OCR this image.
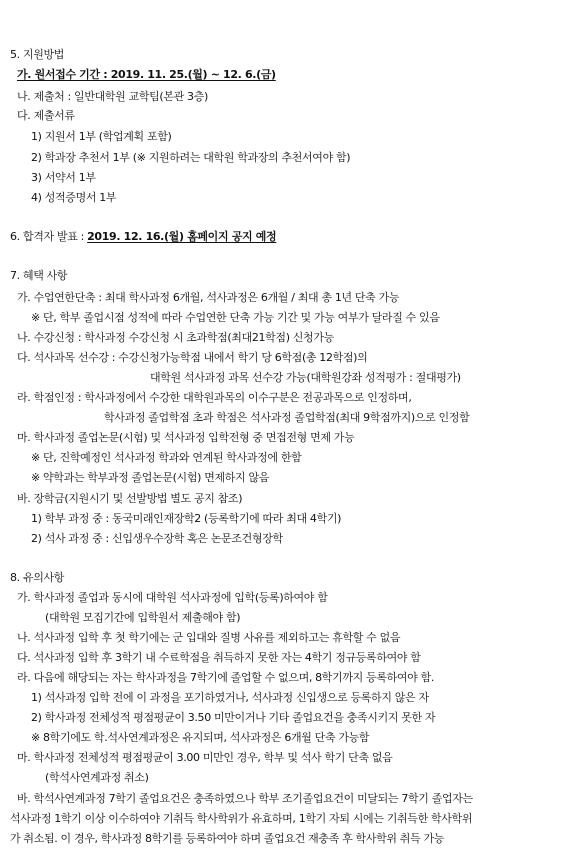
5. 지원방법
가. 원서접수 기간 : 2019. 11. 25.(월) ~ 12. 6.(금)
나. 제출처 : 일반대학원 교학팀(본관 3층)
다. 제출서류
1) 지원서 1부 (학업계획 포함)
2) 학과장 추천서 1부 (※ 지원하려는 대학원 학과장의 추천서여야 함)
3) 서약서 1부
4) 성적증명서 1부
6. 합격자 발표 : 2019. 12. 16.(월) 홈페이지 공지 예정
7. 혜택 사항
가. 수업연한단축 : 최대 학사과정 6개월, 석사과정은 6개월 / 최대 총 1년 단축 가능
※ 단, 학부 졸업시점 성적에 따라 수업연한 단축 가능 기간 및 가능 여부가 달라질 수 있음
나. 수강신청 : 학사과정 수강신청 시 초과학점(최대21학점) 신청가능
다. 석사과목 선수강 : 수강신청가능학점 내에서 학기 당 6학점(총 12학점)의
대학원 석사과정 과목 선수강 가능(대학원강좌 성적평가 : 절대평가)
라. 학점인정 : 학사과정에서 수강한 대학원과목의 이수구분은 전공과목으로 인정하며,
학사과정 졸업학점 초과 학점은 석사과정 졸업학점(최대 9학점까지)으로 인정함
마. 학사과정 졸업논문(시험) 및 석사과정 입학전형 중 면접전형 면제 가능
※ 단, 진학예정인 석사과정 학과와 연계된 학사과정에 한함
※ 약학과는 학부과정 졸업논문(시험) 면제하지 않음
바. 장학금(지원시기 및 선발방법 별도 공지 참조)
1) 학부 과정 중 : 동국미래인재장학2 (등록학기에 따라 최대 4학기)
2) 석사 과정 중 : 신입생우수장학 혹은 논문조건형장학
8. 유의사항
가. 학사과정 졸업과 동시에 대학원 석사과정에 입학(등록)하여야 함
(대학원 모집기간에 입학원서 제출해야 함)
나. 석사과정 입학 후 첫 학기에는 군 입대와 질병 사유를 제외하고는 휴학할 수 없음
다. 석사과정 입학 후 3학기 내 수료학점을 취득하지 못한 자는 4학기 정규등록하여야 함
라. 다음에 해당되는 자는 학사과정을 7학기에 졸업할 수 없으며, 8학기까지 등록하여야 함.
1) 석사과정 입학 전에 이 과정을 포기하였거나, 석사과정 신입생으로 등록하지 않은 자
2) 학사과정 전체성적 평점평균이 3.50 미만이거나 기타 졸업요건을 충족시키지 못한 자
※ 8학기에도 학.석사연계과정은 유지되며, 석사과정은 6개월 단축 가능함
마. 학사과정 전체성적 평점평균이 3.00 미만인 경우, 학부 및 석사 학기 단축 없음
(학석사연계과정 취소)
바. 학석사연계과정 7학기 졸업요건은 충족하였으나 학부 조기졸업요건이 미달되는 7학기 졸업자는
석사과정 1학기 이상 이수하여야 기취득 학사학위가 유효하며, 1학기 자퇴 시에는 기취득한 학사학위
가 취소됨. 이 경우, 학사과정 8학기를 등록하여야 하며 졸업요건 재충족 후 학사학위 취득 가능
